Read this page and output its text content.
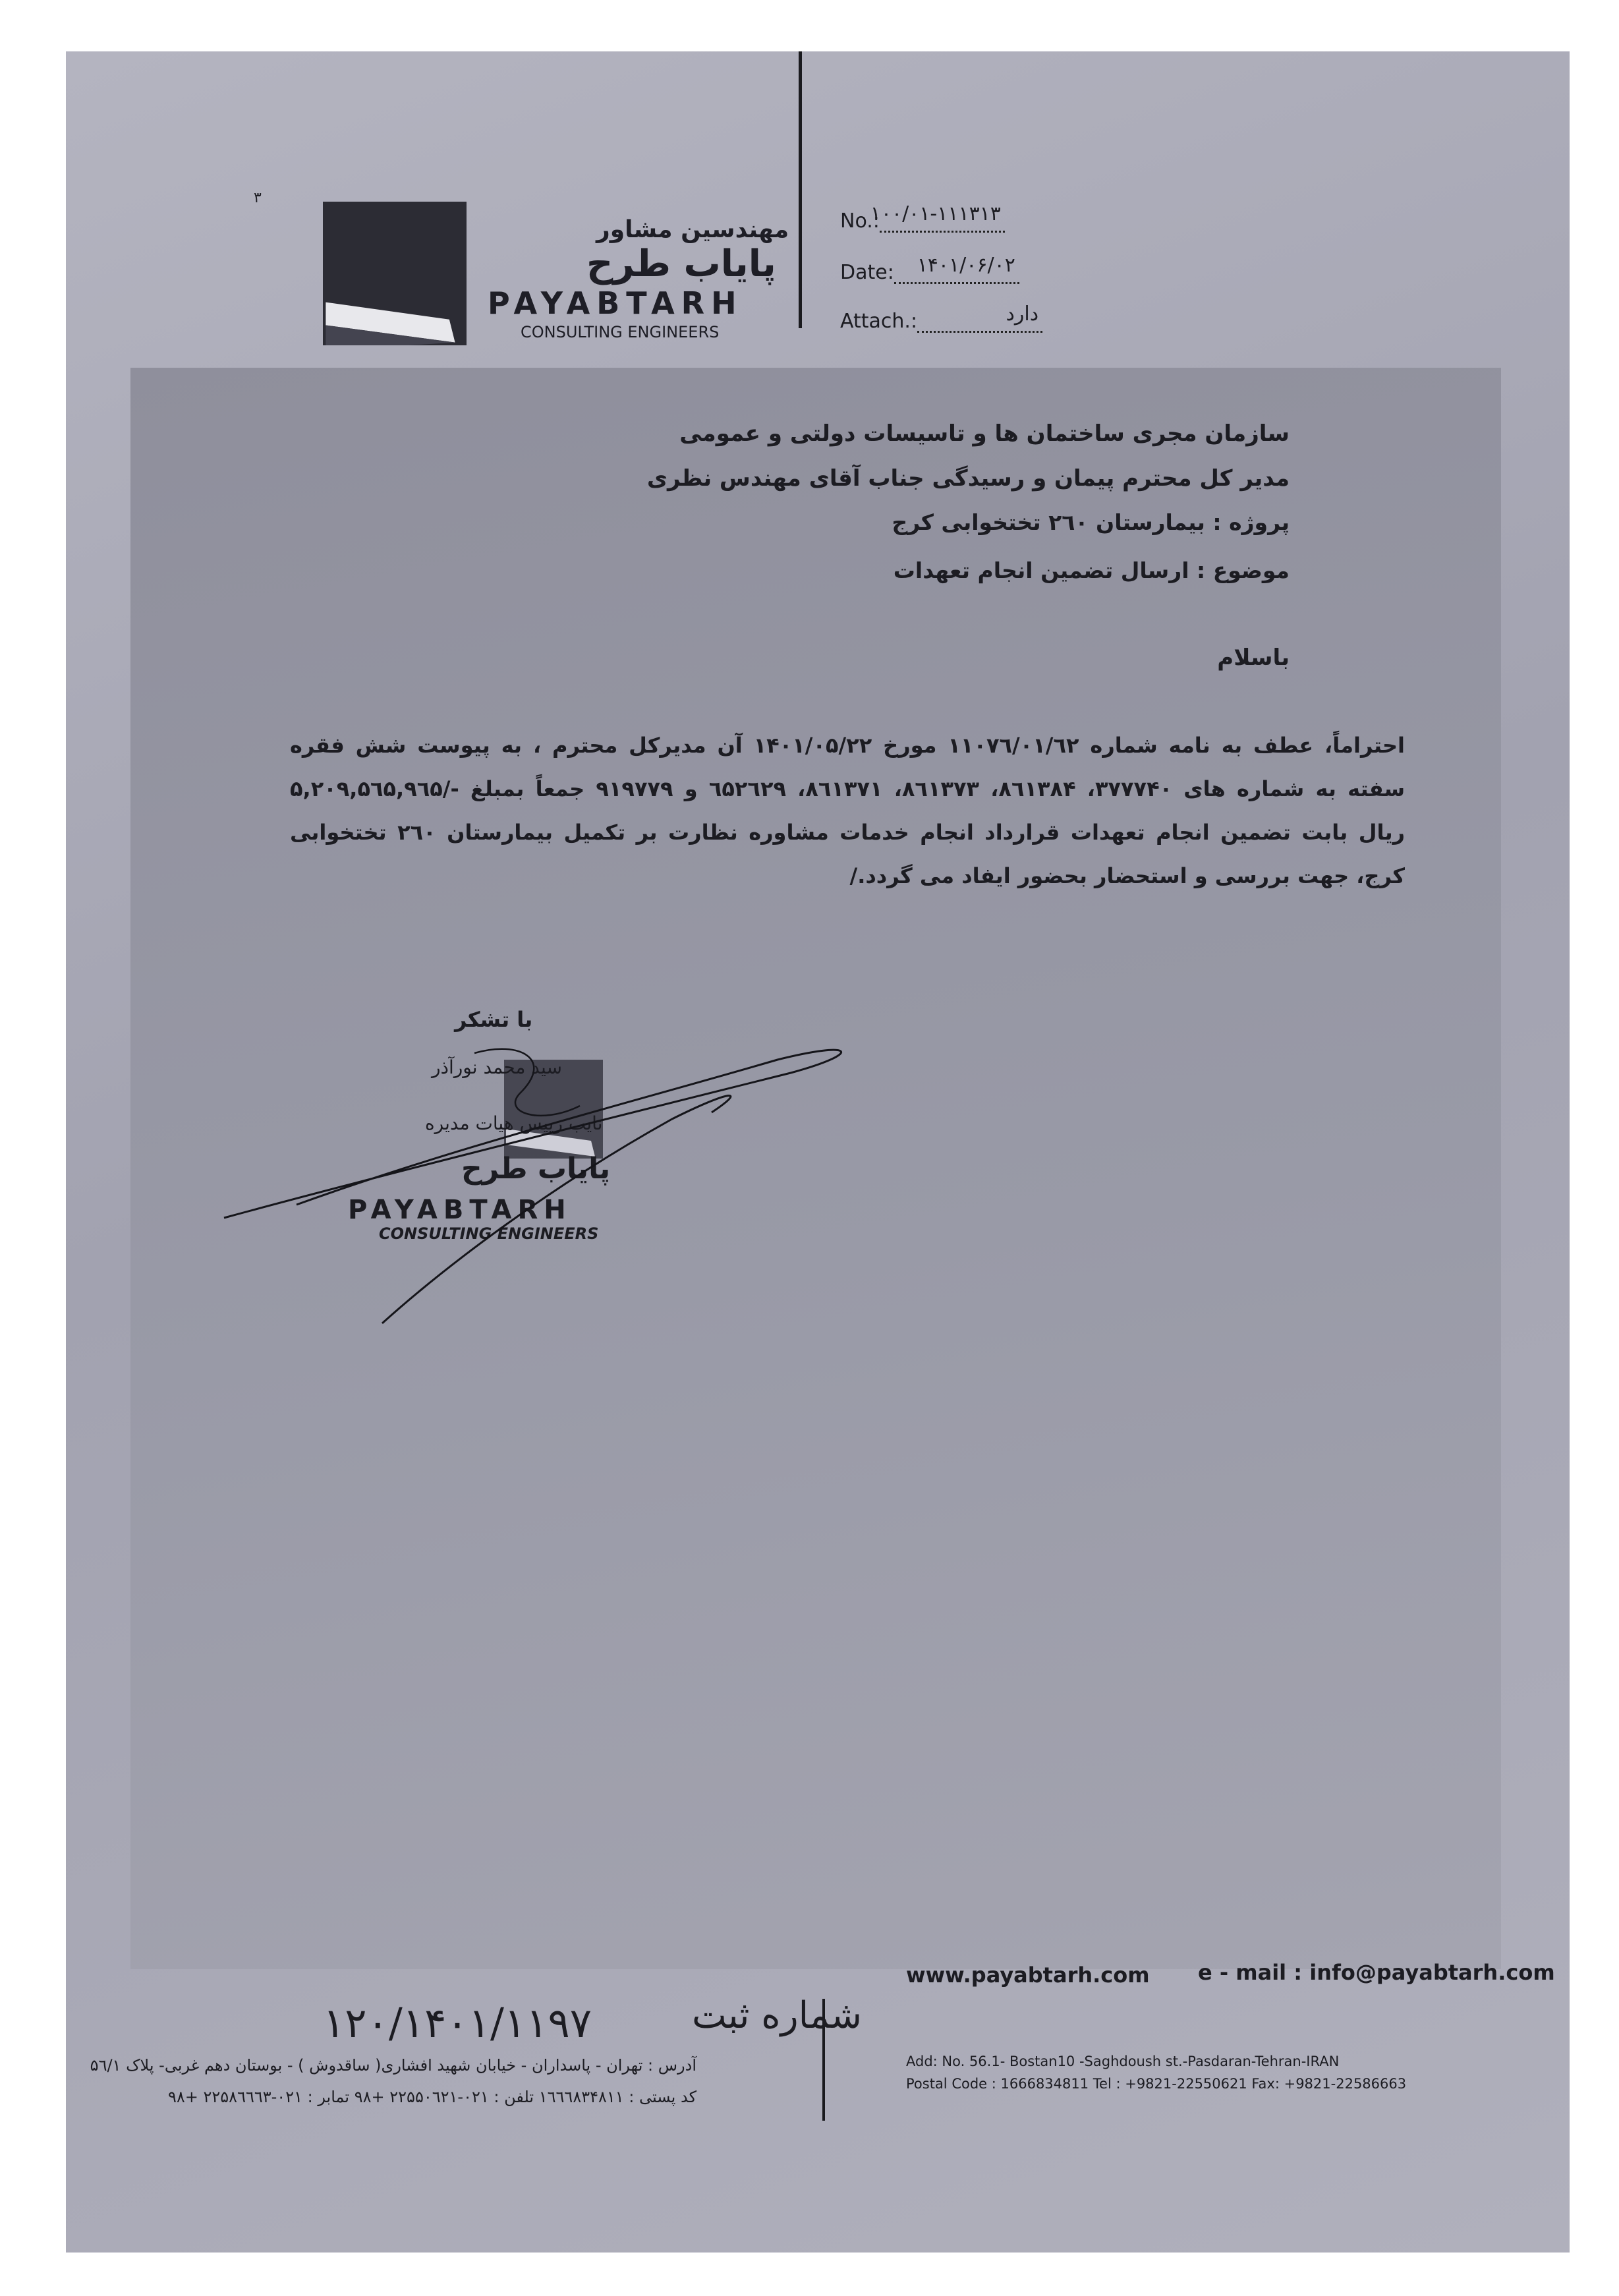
۳
مهندسین مشاور
پایاب طرح
PAYABTARH
CONSULTING ENGINEERS
No.:
۱۰۰/۰۱-۱۱۱۳۱۳
Date: ۱۴۰۱/۰۶/۰۲
Attach.:	دارد
سازمان مجری ساختمان ها و تاسیسات دولتی و عمومی
مدیر کل محترم پیمان و رسیدگی جناب آقای مهندس نظری
پروژه : بیمارستان ۲٦۰ تختخوابی کرج
موضوع : ارسال تضمین انجام تعهدات
باسلام
احتراماً، عطف به نامه شماره ۱۱۰۷٦/۰۱/٦۲ مورخ ۱۴۰۱/۰۵/۲۲ آن مدیرکل محترم ، به پیوست شش فقره سفته به شماره های ۳۷۷۷۴۰، ۸٦۱۳۸۴، ۸٦۱۳۷۳، ۸٦۱۳۷۱، ٦۵۲٦۲۹ و ۹۱۹۷۷۹ جمعاً بمبلغ -/۵,۲۰۹,۵٦۵,۹٦۵ ریال بابت تضمین انجام تعهدات قرارداد انجام خدمات مشاوره نظارت بر تکمیل بیمارستان ۲٦۰ تختخوابی کرج، جهت بررسی و استحضار بحضور ایفاد می گردد./
با تشکر
سید محمد نورآذر
نایب رییس هیات مدیره
پایاب طرح
PAYABTARH
CONSULTING ENGINEERS
www.payabtarh.com e - mail : info@payabtarh.com
۱۲۰/۱۴۰۱/۱۱۹۷	شماره ثبت
آدرس : تهران - پاسداران - خیابان شهید افشاری( ساقدوش ) - بوستان دهم غربی- پلاک ۵٦/۱
کد پستی : ۱٦٦٦۸۳۴۸۱۱ تلفن : ۰۲۱-۲۲۵۵۰٦۲۱ +۹۸ تمابر : ۰۲۱-۲۲۵۸٦٦٦۳ +۹۸
Add: No. 56.1- Bostan10 -Saghdoush st.-Pasdaran-Tehran-IRAN
Postal Code : 1666834811 Tel : +9821-22550621 Fax: +9821-22586663
